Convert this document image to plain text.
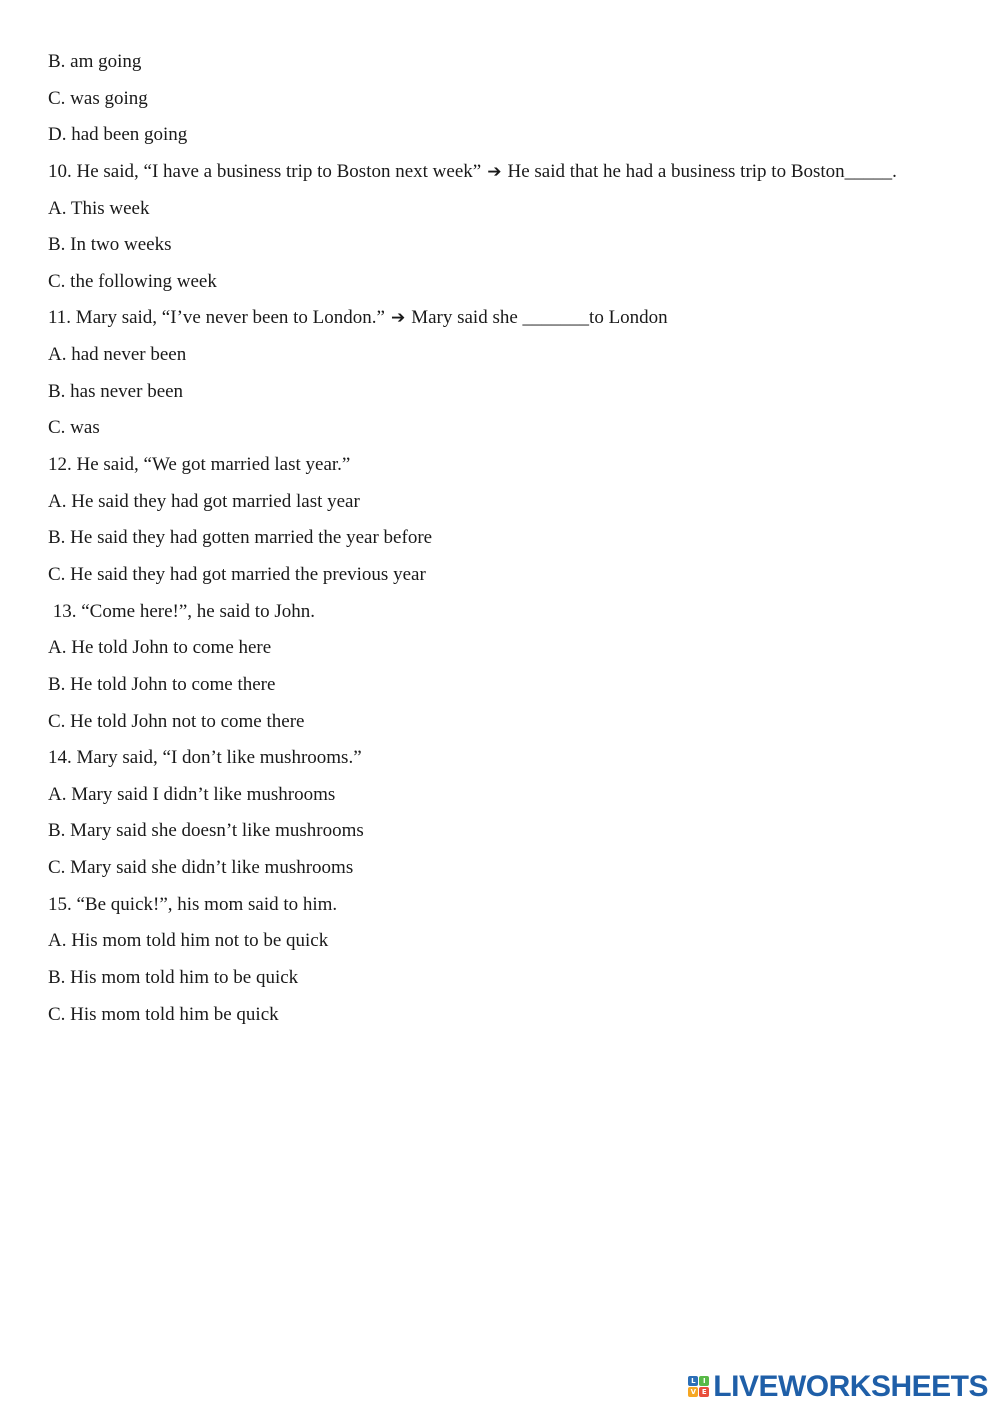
B. am going
C. was going
D. had been going
10. He said, “I have a business trip to Boston next week” ➔ He said that he had a business trip to Boston_____.
A. This week
B. In two weeks
C. the following week
11. Mary said, “I’ve never been to London.” ➔ Mary said she _______to London
A. had never been
B. has never been
C. was
12. He said, “We got married last year.”
A. He said they had got married last year
B. He said they had gotten married the year before
C. He said they had got married the previous year
13. “Come here!”, he said to John.
A. He told John to come here
B. He told John to come there
C. He told John not to come there
14. Mary said, “I don’t like mushrooms.”
A. Mary said I didn’t like mushrooms
B. Mary said she doesn’t like mushrooms
C. Mary said she didn’t like mushrooms
15. “Be quick!”, his mom said to him.
A. His mom told him not to be quick
B. His mom told him to be quick
C. His mom told him be quick
L	I
V E LIVEWORKSHEETS
